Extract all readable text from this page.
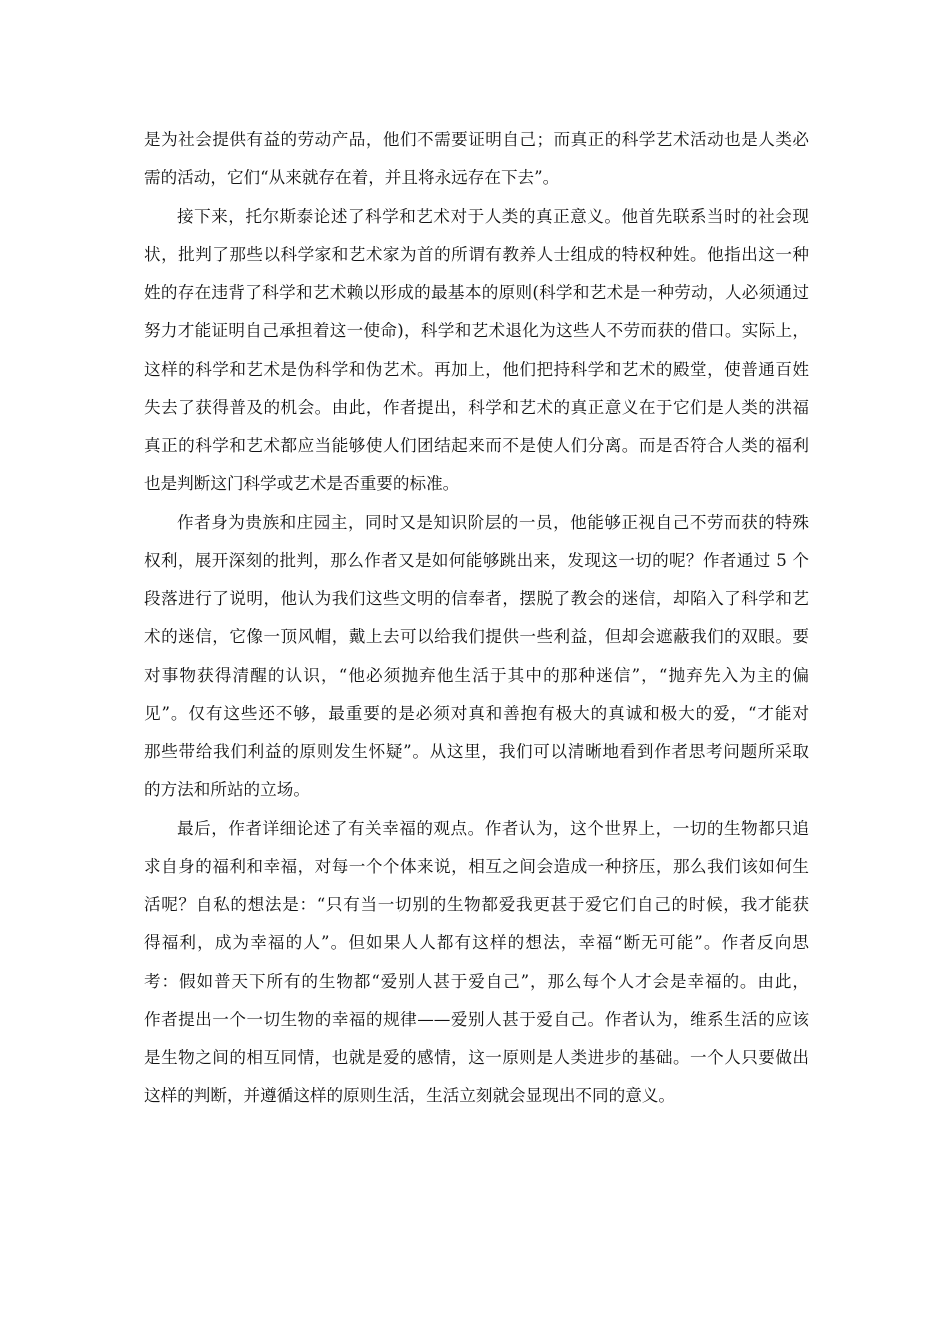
是为社会提供有益的劳动产品，他们不需要证明自己；而真正的科学艺术活动也是人类必
需的活动，它们“从来就存在着，并且将永远存在下去”。
接下来，托尔斯泰论述了科学和艺术对于人类的真正意义。他首先联系当时的社会现
状，批判了那些以科学家和艺术家为首的所谓有教养人士组成的特权种姓。他指出这一种
姓的存在违背了科学和艺术赖以形成的最基本的原则(科学和艺术是一种劳动，人必须通过
努力才能证明自己承担着这一使命)，科学和艺术退化为这些人不劳而获的借口。实际上，
这样的科学和艺术是伪科学和伪艺术。再加上，他们把持科学和艺术的殿堂，使普通百姓
失去了获得普及的机会。由此，作者提出，科学和艺术的真正意义在于它们是人类的洪福
真正的科学和艺术都应当能够使人们团结起来而不是使人们分离。而是否符合人类的福利
也是判断这门科学或艺术是否重要的标准。
作者身为贵族和庄园主，同时又是知识阶层的一员，他能够正视自己不劳而获的特殊
权利，展开深刻的批判，那么作者又是如何能够跳出来，发现这一切的呢？作者通过 5 个
段落进行了说明，他认为我们这些文明的信奉者，摆脱了教会的迷信，却陷入了科学和艺
术的迷信，它像一顶风帽，戴上去可以给我们提供一些利益，但却会遮蔽我们的双眼。要
对事物获得清醒的认识，“他必须抛弃他生活于其中的那种迷信”，“抛弃先入为主的偏
见”。仅有这些还不够，最重要的是必须对真和善抱有极大的真诚和极大的爱，“才能对
那些带给我们利益的原则发生怀疑”。从这里，我们可以清晰地看到作者思考问题所采取
的方法和所站的立场。
最后，作者详细论述了有关幸福的观点。作者认为，这个世界上，一切的生物都只追
求自身的福利和幸福，对每一个个体来说，相互之间会造成一种挤压，那么我们该如何生
活呢？自私的想法是：“只有当一切别的生物都爱我更甚于爱它们自己的时候，我才能获
得福利，成为幸福的人”。但如果人人都有这样的想法，幸福“断无可能”。作者反向思
考：假如普天下所有的生物都“爱别人甚于爱自己”，那么每个人才会是幸福的。由此，
作者提出一个一切生物的幸福的规律——爱别人甚于爱自己。作者认为，维系生活的应该
是生物之间的相互同情，也就是爱的感情，这一原则是人类进步的基础。一个人只要做出
这样的判断，并遵循这样的原则生活，生活立刻就会显现出不同的意义。
